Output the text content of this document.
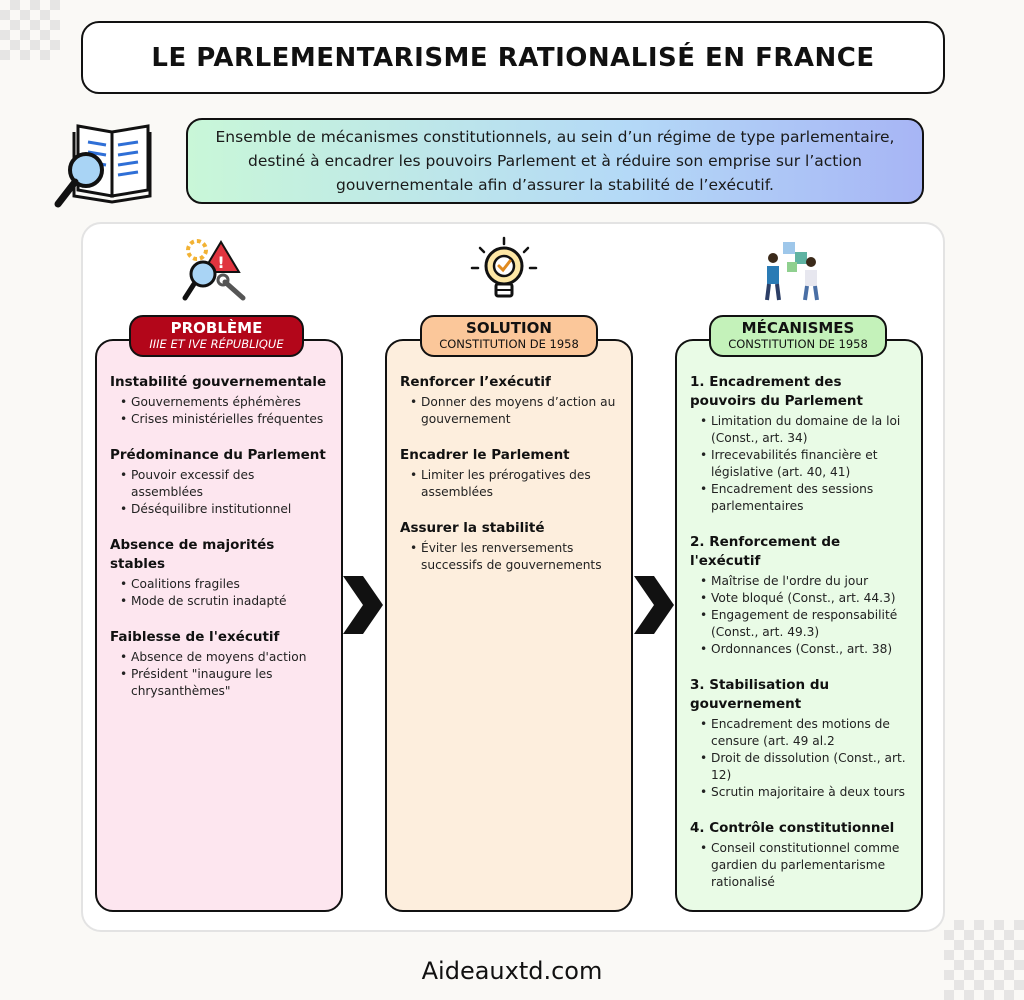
LE PARLEMENTARISME RATIONALISÉ EN FRANCE

Ensemble de mécanismes constitutionnels, au sein d’un régime de type parlementaire, destiné à encadrer les pouvoirs Parlement et à réduire son emprise sur l’action gouvernementale afin d’assurer la stabilité de l’exécutif.

!
Instabilité gouvernementale
• Gouvernements éphémères
• Crises ministérielles fréquentes
Prédominance du Parlement
• Pouvoir excessif des assemblées
• Déséquilibre institutionnel
Absence de majorités stables
• Coalitions fragiles
• Mode de scrutin inadapté
Faiblesse de l'exécutif
• Absence de moyens d'action
• Président "inaugure les chrysanthèmes"
PROBLÈME
IIIE ET IVE RÉPUBLIQUE
Renforcer l’exécutif
• Donner des moyens d’action au gouvernement
Encadrer le Parlement
• Limiter les prérogatives des assemblées
Assurer la stabilité
• Éviter les renversements successifs de gouvernements
SOLUTION
CONSTITUTION DE 1958
1. Encadrement des pouvoirs du Parlement
• Limitation du domaine de la loi (Const., art. 34)
• Irrecevabilités financière et législative (art. 40, 41)
• Encadrement des sessions parlementaires
2. Renforcement de l'exécutif
• Maîtrise de l'ordre du jour
• Vote bloqué (Const., art. 44.3)
• Engagement de responsabilité (Const., art. 49.3)
• Ordonnances (Const., art. 38)
3. Stabilisation du gouvernement
• Encadrement des motions de censure (art. 49 al.2
• Droit de dissolution (Const., art. 12)
• Scrutin majoritaire à deux tours
4. Contrôle constitutionnel
• Conseil constitutionnel comme gardien du parlementarisme rationalisé
MÉCANISMES
CONSTITUTION DE 1958
Aideauxtd.com
